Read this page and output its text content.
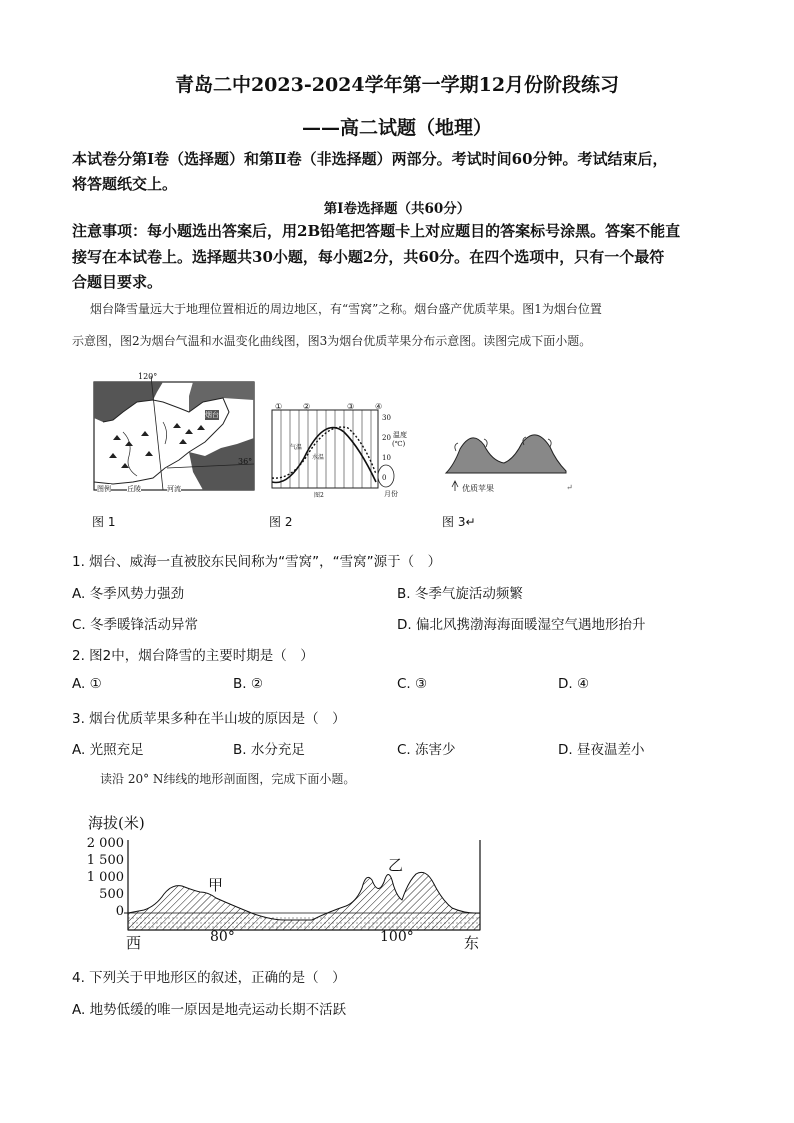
青岛二中2023-2024学年第一学期12月份阶段练习
——高二试题（地理）
本试卷分第Ⅰ卷（选择题）和第Ⅱ卷（非选择题）两部分。考试时间60分钟。考试结束后，
将答题纸交上。
第Ⅰ卷选择题（共60分）
注意事项：每小题选出答案后，用2B铅笔把答题卡上对应题目的答案标号涂黑。答案不能直
接写在本试卷上。选择题共30小题，每小题2分，共60分。在四个选项中，只有一个最符
合题目要求。
烟台降雪量远大于地理位置相近的周边地区，有“雪窝”之称。烟台盛产优质苹果。图1为烟台位置
示意图，图2为烟台气温和水温变化曲线图，图3为烟台优质苹果分布示意图。读图完成下面小题。
120°
36°
烟台
图例 丘陵	河流
图 1
①	②	③	④
30
20
10
0
温度
(℃)
月份
图2
气温
水温
图 2
优质苹果	↵
图 3↵
1. 烟台、威海一直被胶东民间称为“雪窝”，“雪窝”源于（　）
A. 冬季风势力强劲	B. 冬季气旋活动频繁
C. 冬季暖锋活动异常	D. 偏北风携渤海海面暖湿空气遇地形抬升
2. 图2中，烟台降雪的主要时期是（　）
A. ①	B. ②	C. ③	D. ④
3. 烟台优质苹果多种在半山坡的原因是（　）
A. 光照充足	B. 水分充足	C. 冻害少	D. 昼夜温差小
读沿 20° N纬线的地形剖面图，完成下面小题。
海拔(米)
2 000
1 500
1 000
500
0
西	80°	100°	东
甲
乙
4. 下列关于甲地形区的叙述，正确的是（　）
A. 地势低缓的唯一原因是地壳运动长期不活跃
